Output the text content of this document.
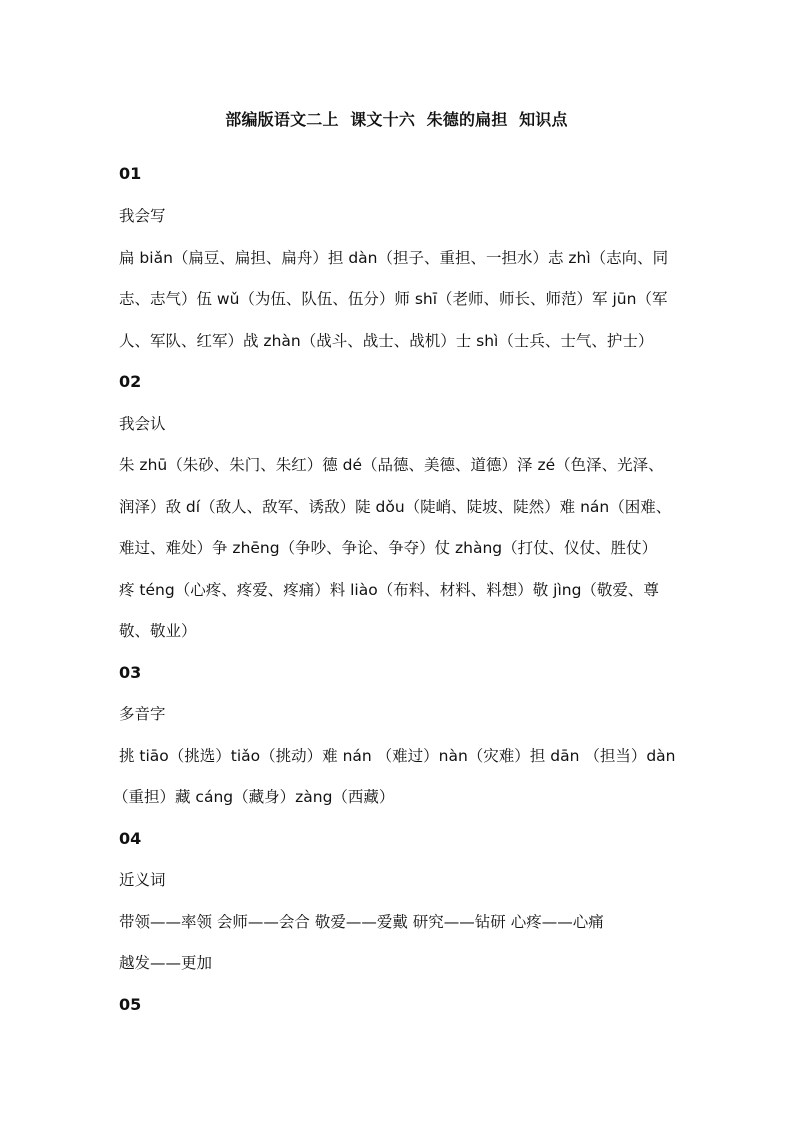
部编版语文二上  课文十六  朱德的扁担  知识点
01
我会写
扁 biǎn（扁豆、扁担、扁舟）担 dàn（担子、重担、一担水）志 zhì（志向、同
志、志气）伍 wǔ（为伍、队伍、伍分）师 shī（老师、师长、师范）军 jūn（军
人、军队、红军）战 zhàn（战斗、战士、战机）士 shì（士兵、士气、护士）
02
我会认
朱 zhū（朱砂、朱门、朱红）德 dé（品德、美德、道德）泽 zé（色泽、光泽、
润泽）敌 dí（敌人、敌军、诱敌）陡 dǒu（陡峭、陡坡、陡然）难 nán（困难、
难过、难处）争 zhēng（争吵、争论、争夺）仗 zhàng（打仗、仪仗、胜仗）
疼 téng（心疼、疼爱、疼痛）料 liào（布料、材料、料想）敬 jìng（敬爱、尊
敬、敬业）
03
多音字
挑 tiāo（挑选）tiǎo（挑动）难 nán （难过）nàn（灾难）担 dān （担当）dàn
（重担）藏 cáng（藏身）zàng（西藏）
04
近义词
带领——率领 会师——会合 敬爱——爱戴 研究——钻研 心疼——心痛
越发——更加
05
